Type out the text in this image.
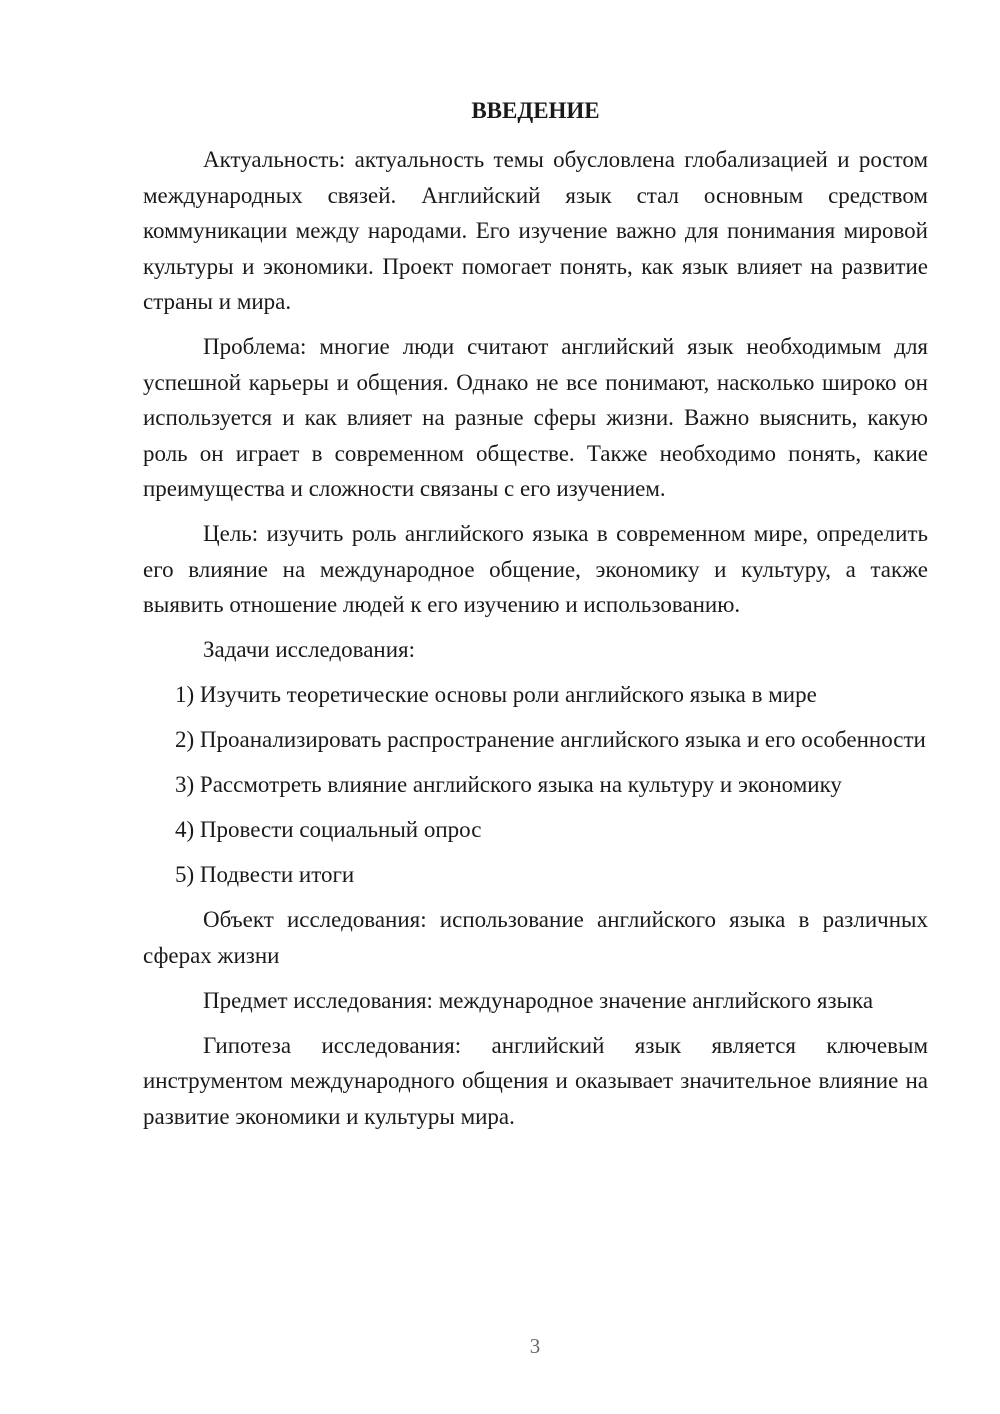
ВВЕДЕНИЕ

Актуальность: актуальность темы обусловлена глобализацией и ростом международных связей. Английский язык стал основным средством коммуникации между народами. Его изучение важно для понимания мировой культуры и экономики. Проект помогает понять, как язык влияет на развитие страны и мира.

Проблема: многие люди считают английский язык необходимым для успешной карьеры и общения. Однако не все понимают, насколько широко он используется и как влияет на разные сферы жизни. Важно выяснить, какую роль он играет в современном обществе. Также необходимо понять, какие преимущества и сложности связаны с его изучением.

Цель: изучить роль английского языка в современном мире, определить его влияние на международное общение, экономику и культуру, а также выявить отношение людей к его изучению и использованию.

Задачи исследования:

1) Изучить теоретические основы роли английского языка в мире

2) Проанализировать распространение английского языка и его особенности

3) Рассмотреть влияние английского языка на культуру и экономику

4) Провести социальный опрос

5) Подвести итоги

Объект исследования: использование английского языка в различных сферах жизни

Предмет исследования: международное значение английского языка

Гипотеза исследования: английский язык является ключевым инструментом международного общения и оказывает значительное влияние на развитие экономики и культуры мира.

3
